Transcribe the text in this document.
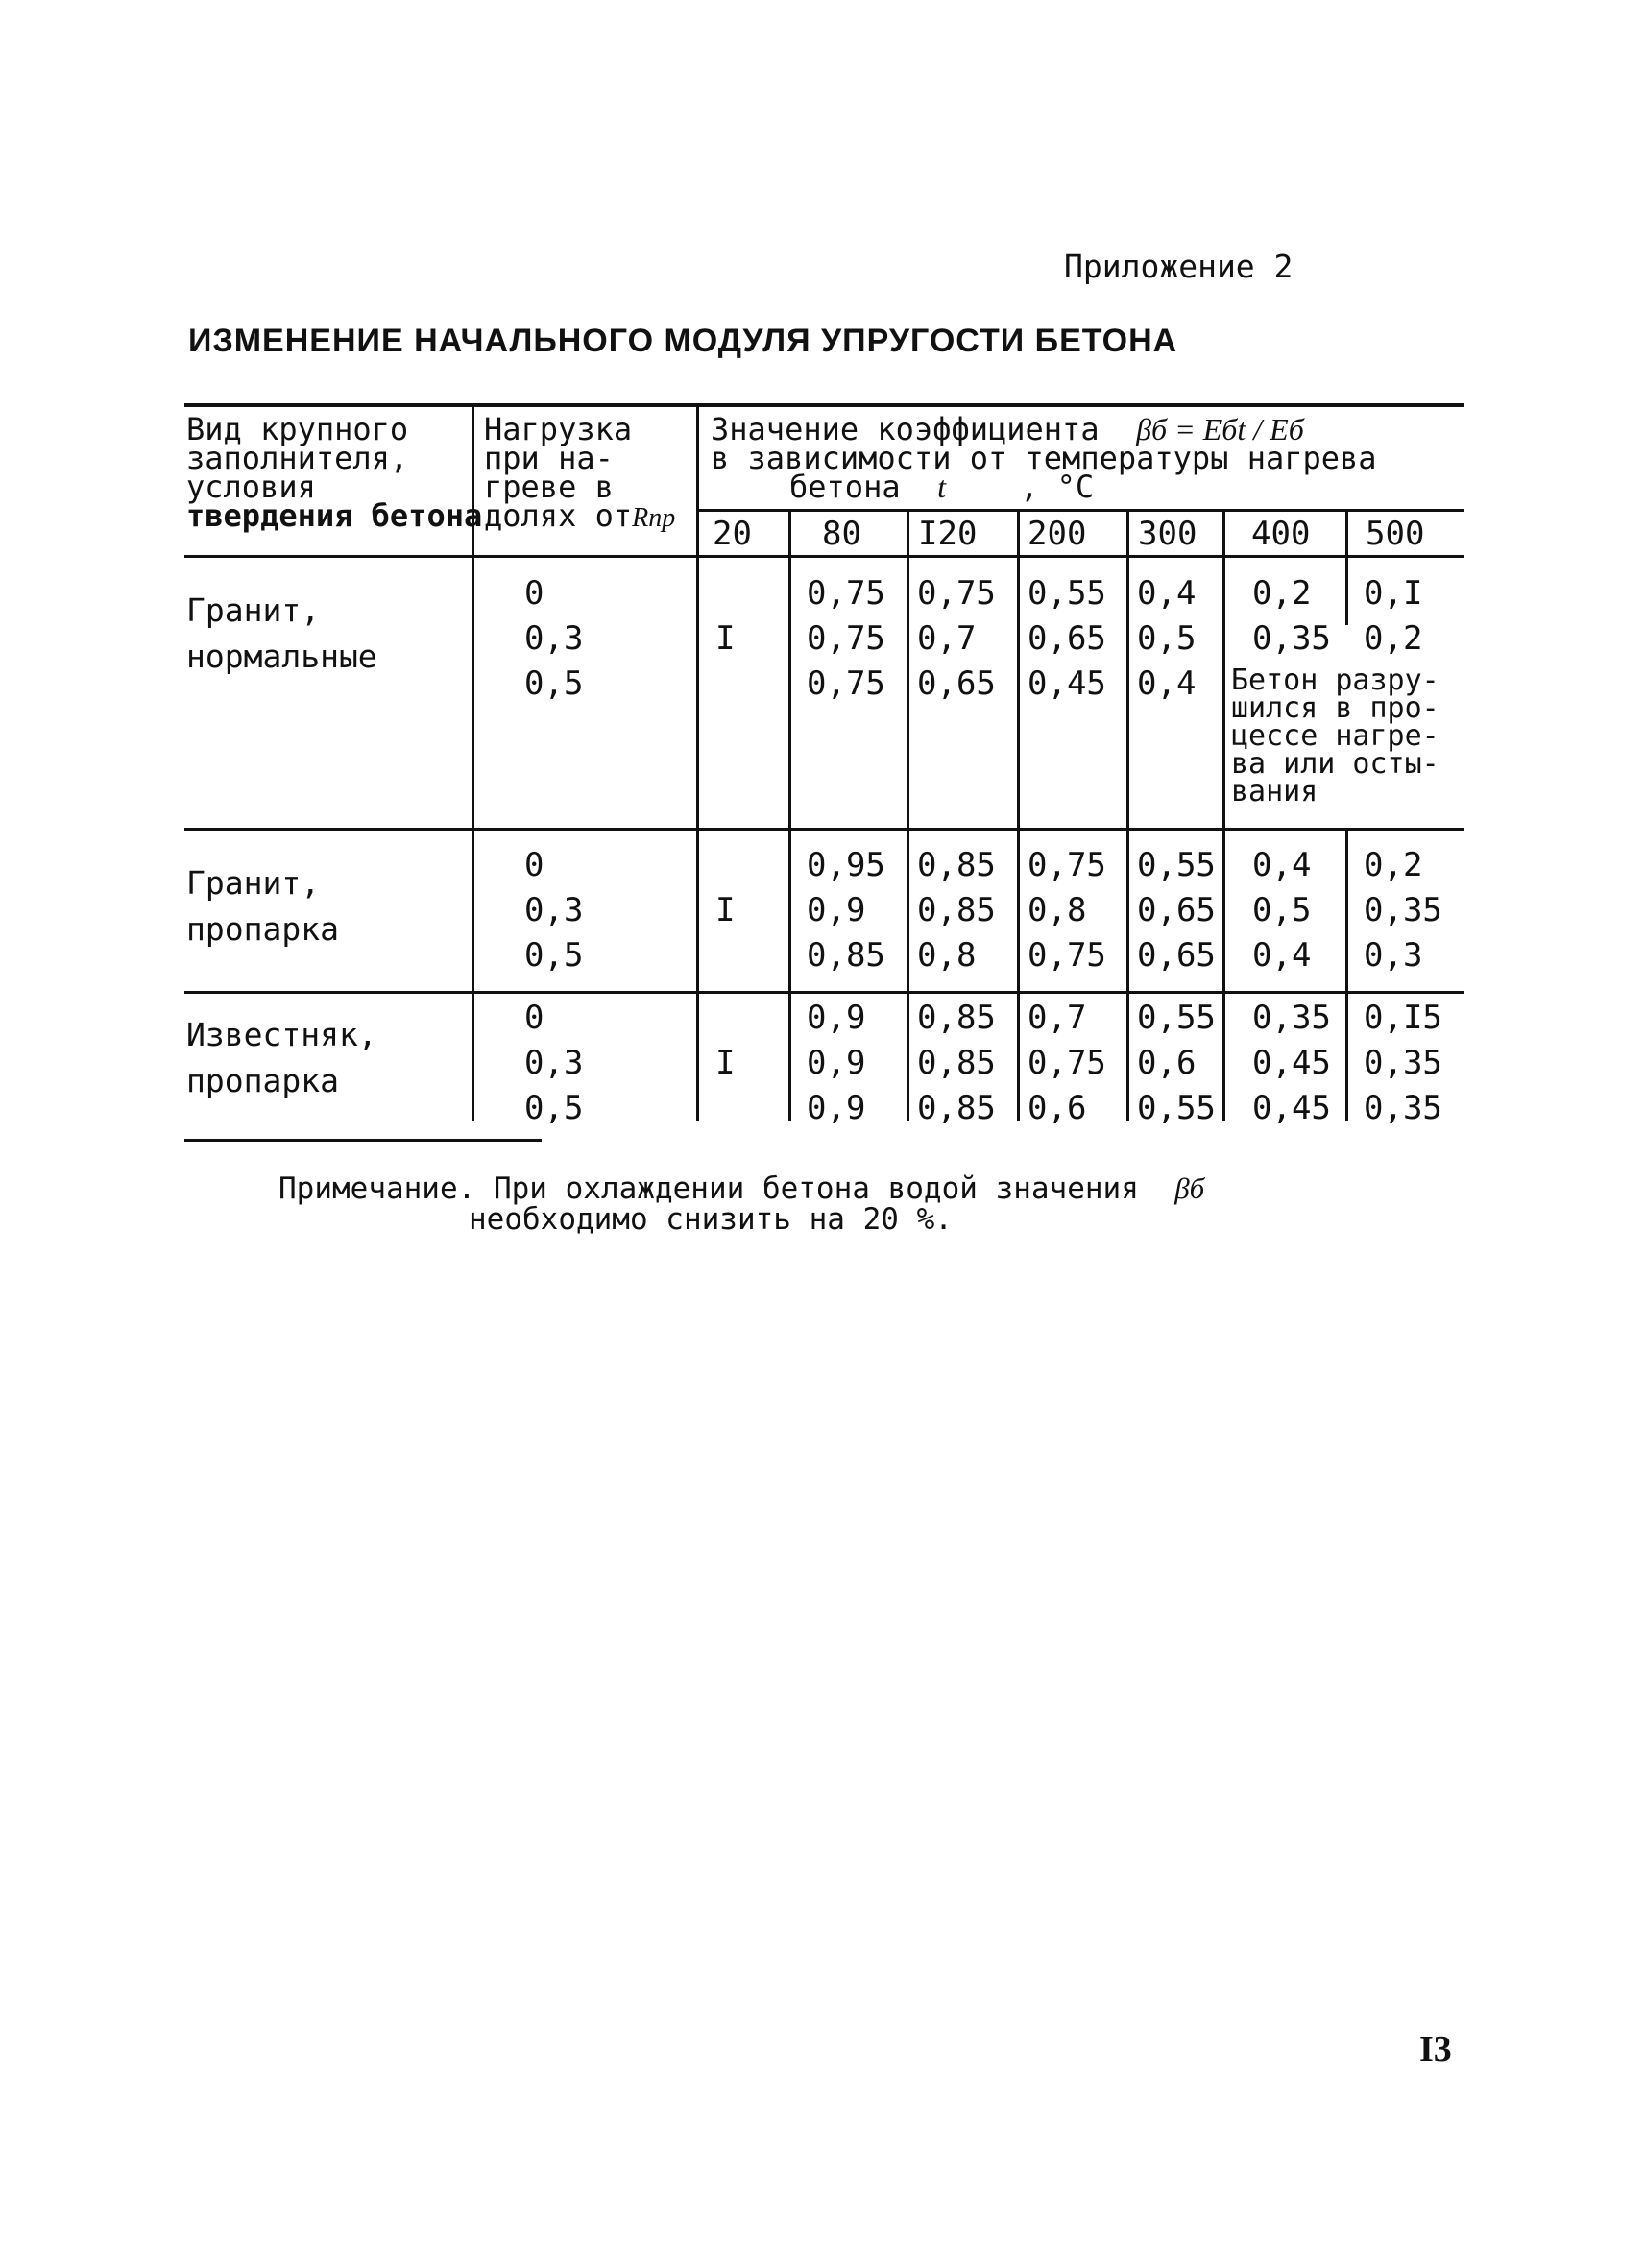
Приложение 2
ИЗМЕНЕНИЕ НАЧАЛЬНОГО МОДУЛЯ УПРУГОСТИ БЕТОНА
Вид крупного
заполнителя,
условия
твердения бетона
Нагрузка
при на-
греве в
долях отRпр
Значение коэффициента βб = Eбt / Eб
в зависимости от температуры нагрева
бетона t , °С
20 80 I20 200 300 400 500
Гранит,
нормальные
0
0,3
0,5
I
0,75 0,75 0,55 0,4 0,2 0,I
0,75 0,7 0,65 0,5 0,35 0,2
0,75 0,65 0,45 0,4 Бетон разру-
шился в про-
цессе нагре-
ва или осты-
вания
Гранит,
пропарка
0
0,3
0,5
I
0,95 0,85 0,75 0,55 0,4 0,2
0,9 0,85 0,8 0,65 0,5 0,35
0,85 0,8 0,75 0,65 0,4 0,3
Известняк,
пропарка
0
0,3
0,5
I
0,9 0,85 0,7 0,55 0,35 0,I5
0,9 0,85 0,75 0,6 0,45 0,35
0,9 0,85 0,6 0,55 0,45 0,35
Примечание. При охлаждении бетона водой значения βб
необходимо снизить на 20 %.
I3
